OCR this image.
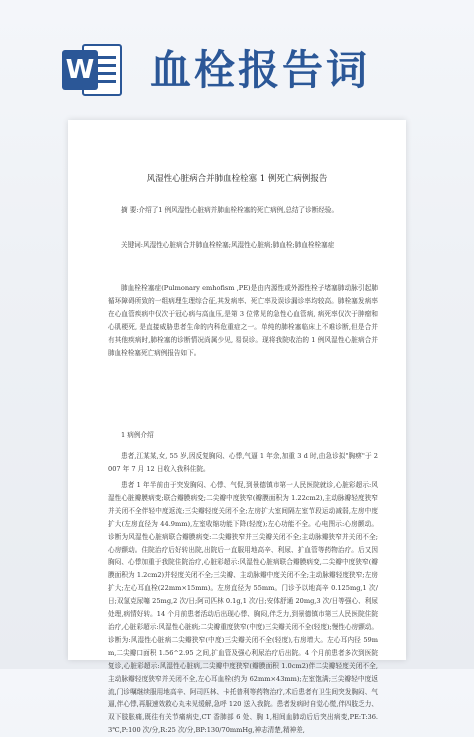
W 血栓报告词
风湿性心脏病合并肺血栓栓塞 1 例死亡病例报告

摘 要:介绍了1 例风湿性心脏病并肺血栓栓塞的死亡病例,总结了诊断经验。

关键词:风湿性心脏病合并肺血栓栓塞;风湿性心脏病;肺血栓;肺血栓栓塞症

肺血栓栓塞症(Pulmonary emhofism ,PE)是由内源性或外源性栓子堵塞肺动脉引起肺循环障碍所致的一组病理生理综合征,其发病率、死亡率及误诊漏诊率均较高。肺栓塞发病率在心血管疾病中仅次于冠心病与高血压,是第 3 位常见的急性心血管病, 病死率仅次于肿瘤和心肌梗死, 是直接威胁患者生命的内科危重症之一。单纯的肺栓塞临床上不难诊断,但是合并有其他疾病时,肺栓塞的诊断情况尚属少见, 易误诊。现将我院收治的 1 例风湿性心脏病合并肺血栓栓塞死亡病例报告如下。

1 病例介绍

患者,江某某,女, 55 岁,因反复胸闷、心悸,气逼 1 年余,加重 3 d 时,由急诊拟"胸痹"于 2007 年 7 月 12 日收入我科住院。

患者 1 年半前由于突发胸闷、心悸、气促,到景德镇市第一人民医院就诊,心脏彩超示:风湿性心脏瓣膜病变;联合瓣膜病变;二尖瓣中度狭窄(瓣膜面积为 1.22cm2),主动脉瓣轻度狭窄并关闭不全伴轻中度返流;三尖瓣轻度关闭不全;左房扩大室间隔左室节段运动减弱,左房中度扩大(左房直径为 44.9mm),左室收缩功能下降(轻度);左心功能不全。心电图示:心房颤动。诊断为风湿性心脏病联合瓣膜病变:二尖瓣狭窄并三尖瓣关闭不全;主动脉瓣狭窄并关闭不全;心房颤动。住院治疗后好转出院,出院后一直服用地高辛、利尿、扩血管等药物治疗。后又因胸闷、心悸加重于我院住院治疗,心脏彩超示:风湿性心脏病联合瓣膜病变,二尖瓣中度狭窄(瓣膜面积为 1.2cm2)并轻度关闭不全;三尖瓣、主动脉瓣中度关闭不全;主动脉瓣轻度狭窄;左房扩大;左心耳血栓(22mm×15mm)。左房直径为 55mm。门诊予以地高辛 0.125mg,1 次/日;双氢克尿噻 25mg,2 次/日;阿司匹林 0.1g,1 次/日;安体舒通 20mg,3 次/日等强心、利尿处理,病情好转。14 个月前患者活动后出现心悸、胸闷,伴乏力,到景德镇市第三人民医院住院治疗,心脏彩超示:风湿性心脏病;二尖瓣重度狭窄(中度)三尖瓣关闭不全(轻度);慢性心房颤动。诊断为:风湿性心脏病二尖瓣狭窄(中度)三尖瓣关闭不全(轻度),右房增大。左心耳内径 59mm,二尖瓣口面积 1.56^2.95 之间,扩血管及强心利尿治疗后出院。4 个月前患者多次到医院复诊,心脏彩超示:风湿性心脏病,二尖瓣中度狭窄(瓣膜面积 1.0cm2)伴二尖瓣轻度关闭不全,主动脉瓣轻度狭窄并关闭不全,左心耳血栓(约为 62mm×43mm);左室饱满;三尖瓣轻中度返流,门诊嘱继续服用地高辛、阿司匹林、卡托普利等药物治疗,术后患者有卫生间突发胸闷、气逼,伴心悸,再服速效救心丸未见缓解,急呼 120 送入我院。患者发病时自觉心慌,伴四肢乏力、双下肢胀痛,既往有关节痛病史,CT 香肺部 6 处、胸 1,相间血肺动后后突出病变,PE:T:36.3℃,P:100 次/分,R:25 次/分,BP:130/70mmHg,神志清楚,精神差,
